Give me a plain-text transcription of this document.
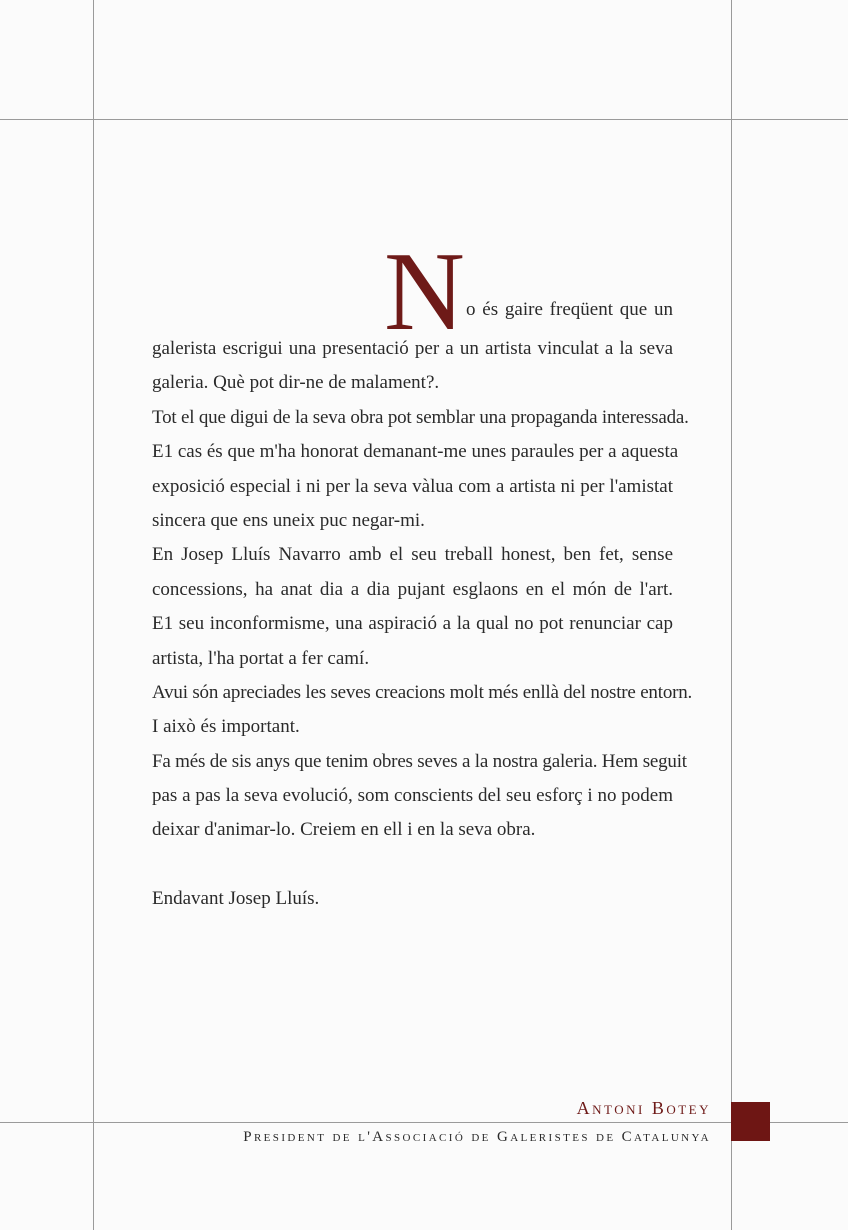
N o és gaire freqüent que un
galerista escrigui una presentació per a un artista vinculat a la seva
galeria. Què pot dir-ne de malament?.
Tot el que digui de la seva obra pot semblar una propaganda interessada.
E1 cas és que m'ha honorat demanant-me unes paraules per a aquesta
exposició especial i ni per la seva vàlua com a artista ni per l'amistat
sincera que ens uneix puc negar-mi.
En Josep Lluís Navarro amb el seu treball honest, ben fet, sense
concessions, ha anat dia a dia pujant esglaons en el món de l'art.
E1 seu inconformisme, una aspiració a la qual no pot renunciar cap
artista, l'ha portat a fer camí.
Avui són apreciades les seves creacions molt més enllà del nostre entorn.
I això és important.
Fa més de sis anys que tenim obres seves a la nostra galeria. Hem seguit
pas a pas la seva evolució, som conscients del seu esforç i no podem
deixar d'animar-lo. Creiem en ell i en la seva obra.
Endavant Josep Lluís.
Antoni Botey
President de l'Associació de Galeristes de Catalunya
